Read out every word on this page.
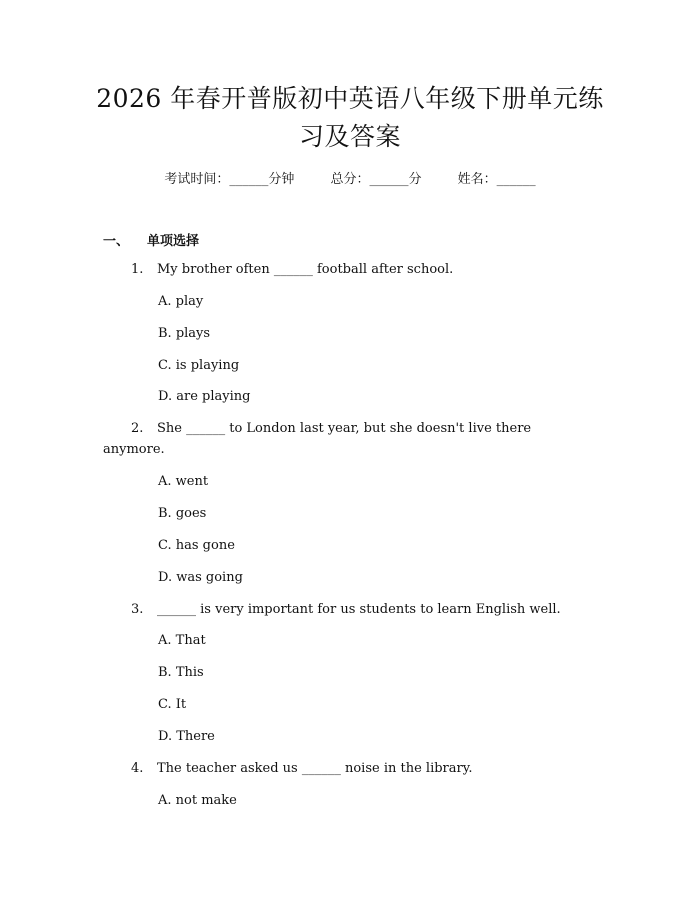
2026 年春开普版初中英语八年级下册单元练
习及答案
考试时间：______分钟	总分：______分	姓名：______
一、 单项选择
1. My brother often ______ football after school.
A. play
B. plays
C. is playing
D. are playing
2. She ______ to London last year, but she doesn't live there
anymore.
A. went
B. goes
C. has gone
D. was going
3. ______ is very important for us students to learn English well.
A. That
B. This
C. It
D. There
4. The teacher asked us ______ noise in the library.
A. not make
